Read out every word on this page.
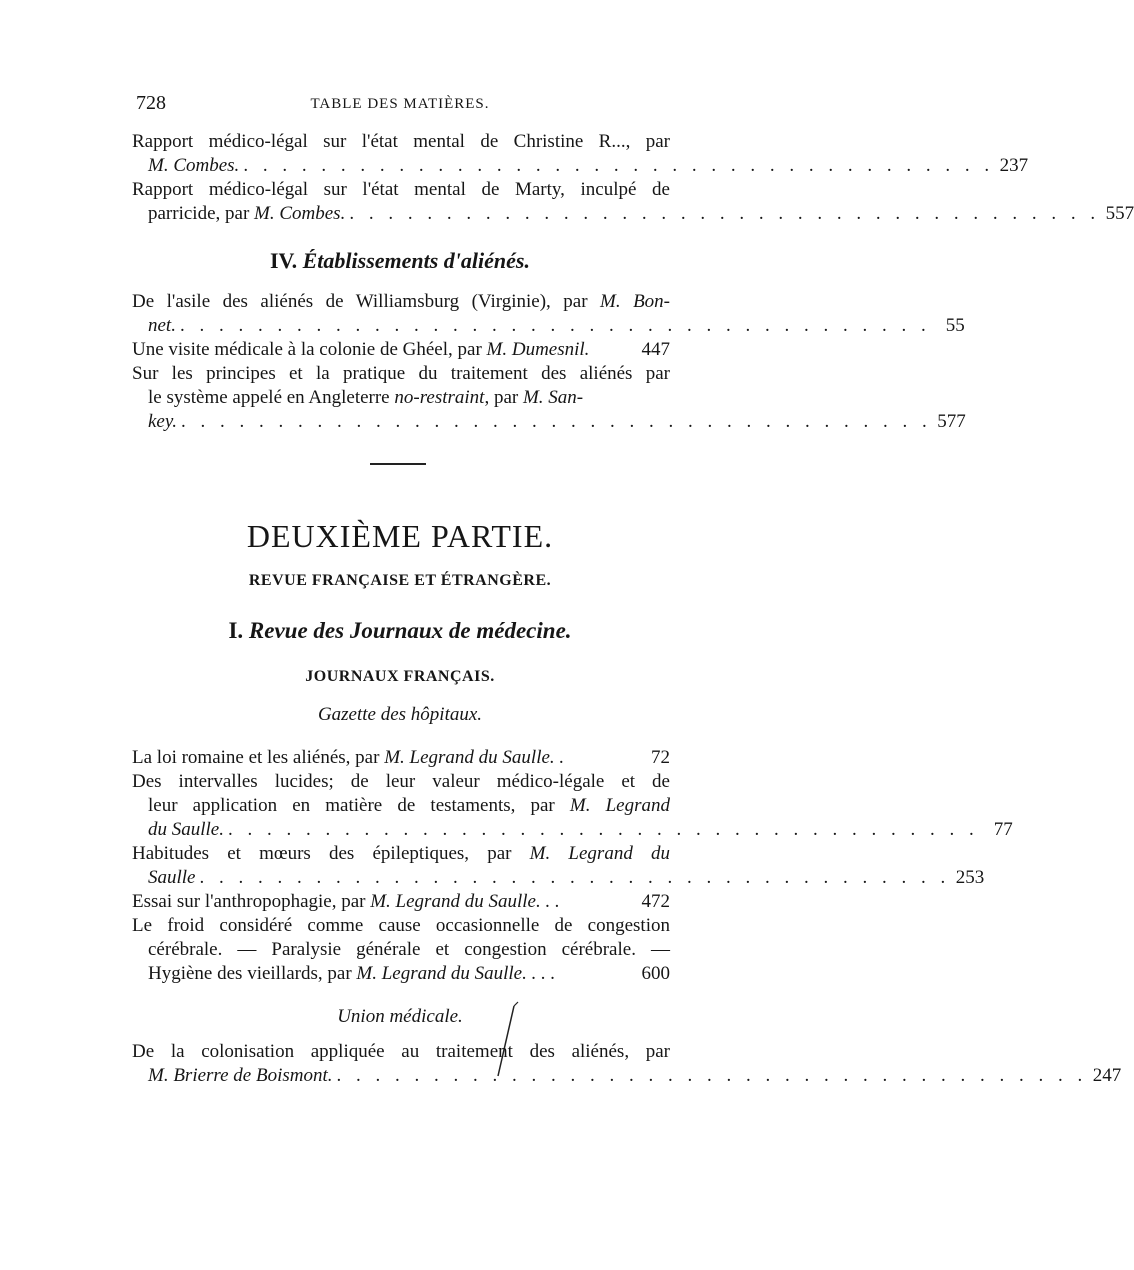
728	TABLE DES MATIÈRES.
Rapport médico-légal sur l'état mental de Christine R..., par
M. Combes. . . . . . . . . . . . . . . . . . . . . . . . . . . . . . . . . . . . . . . . 237
Rapport médico-légal sur l'état mental de Marty, inculpé de
parricide, par M. Combes. . . . . . . . . . . . . . . . . . . . . . . . . . . . . . . . . . . . . . . . 557
IV. Établissements d'aliénés.
De l'asile des aliénés de Williamsburg (Virginie), par M. Bon-
net. . . . . . . . . . . . . . . . . . . . . . . . . . . . . . . . . . . . . . . . 55
Une visite médicale à la colonie de Ghéel, par M. Dumesnil.	447
Sur les principes et la pratique du traitement des aliénés par
le système appelé en Angleterre no-restraint, par M. San-
key. . . . . . . . . . . . . . . . . . . . . . . . . . . . . . . . . . . . . . . . 577
DEUXIÈME PARTIE.
REVUE FRANÇAISE ET ÉTRANGÈRE.
I. Revue des Journaux de médecine.
JOURNAUX FRANÇAIS.
Gazette des hôpitaux.
La loi romaine et les aliénés, par M. Legrand du Saulle. .	72
Des intervalles lucides; de leur valeur médico-légale et de
leur application en matière de testaments, par M. Legrand
du Saulle. . . . . . . . . . . . . . . . . . . . . . . . . . . . . . . . . . . . . . . . 77
Habitudes et mœurs des épileptiques, par M. Legrand du
Saulle . . . . . . . . . . . . . . . . . . . . . . . . . . . . . . . . . . . . . . . 253
Essai sur l'anthropophagie, par M. Legrand du Saulle. . .	472
Le froid considéré comme cause occasionnelle de congestion
cérébrale. — Paralysie générale et congestion cérébrale. —
Hygiène des vieillards, par M. Legrand du Saulle. . . .	600
Union médicale.
De la colonisation appliquée au traitement des aliénés, par
M. Brierre de Boismont. . . . . . . . . . . . . . . . . . . . . . . . . . . . . . . . . . . . . . . . 247
